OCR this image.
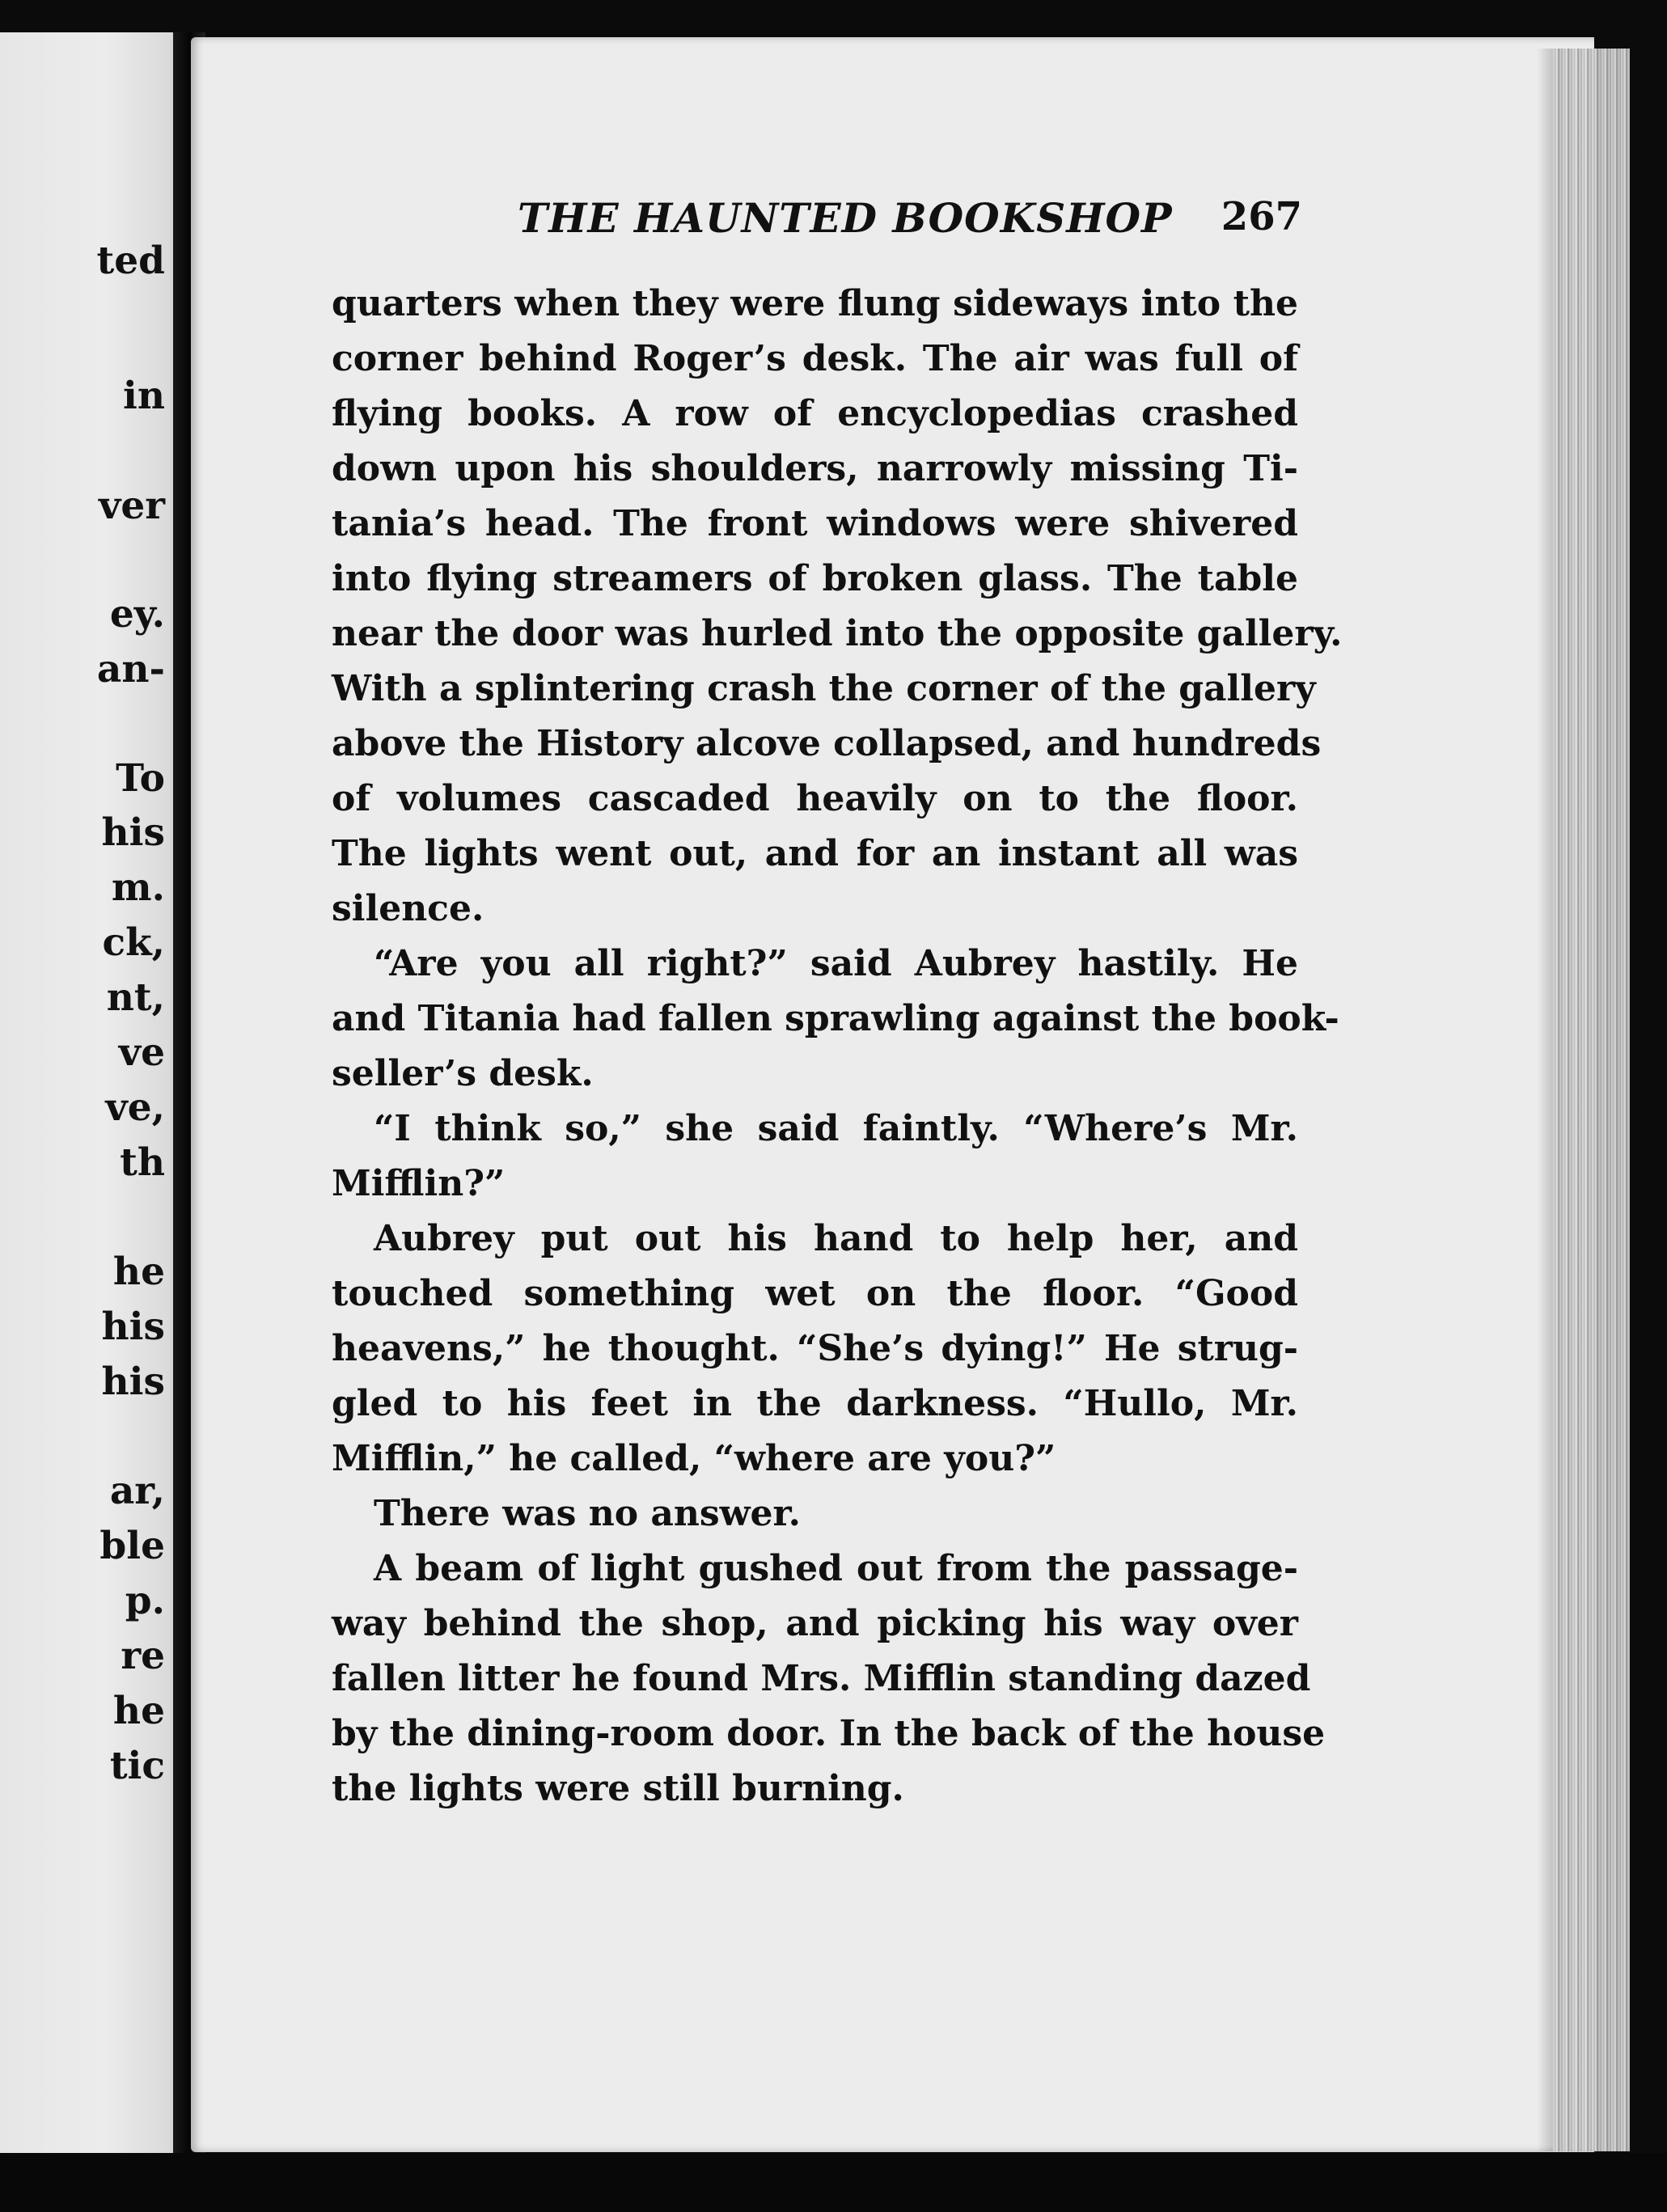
ted
in
ver
ey.
an-
To
his
m.
ck,
nt,
ve
ve,
th
he
his
his
ar,
ble
p.
re
he
tic
THE HAUNTED BOOKSHOP 267
quarters when they were flung sideways into the
corner behind Roger’s desk. The air was full of
flying books. A row of encyclopedias crashed
down upon his shoulders, narrowly missing Ti-
tania’s head. The front windows were shivered
into flying streamers of broken glass. The table
near the door was hurled into the opposite gallery.
With a splintering crash the corner of the gallery
above the History alcove collapsed, and hundreds
of volumes cascaded heavily on to the floor.
The lights went out, and for an instant all was
silence.
“Are you all right?” said Aubrey hastily. He
and Titania had fallen sprawling against the book-
seller’s desk.
“I think so,” she said faintly. “Where’s Mr.
Mifflin?”
Aubrey put out his hand to help her, and
touched something wet on the floor. “Good
heavens,” he thought. “She’s dying!” He strug-
gled to his feet in the darkness. “Hullo, Mr.
Mifflin,” he called, “where are you?”
There was no answer.
A beam of light gushed out from the passage-
way behind the shop, and picking his way over
fallen litter he found Mrs. Mifflin standing dazed
by the dining-room door. In the back of the house
the lights were still burning.
